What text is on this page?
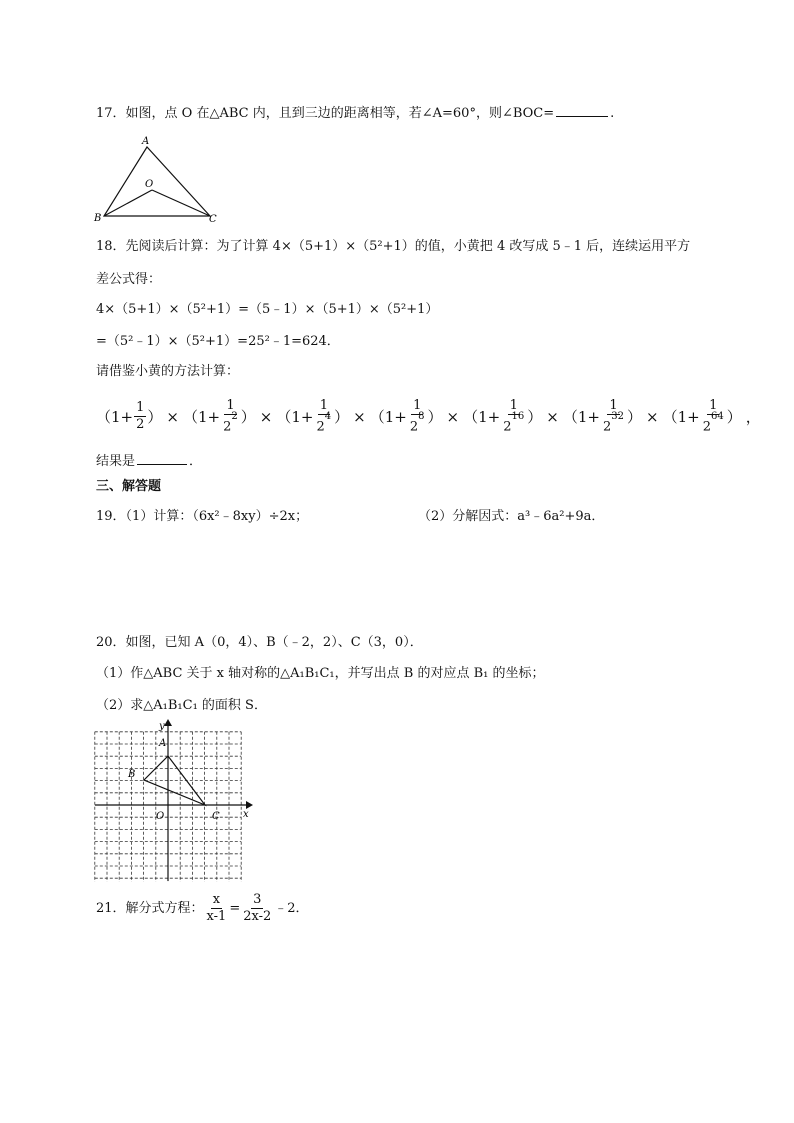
17．如图，点 O 在△ABC 内，且到三边的距离相等，若∠A=60°，则∠BOC=	.
A
B	C
O
18．先阅读后计算：为了计算 4×（5+1）×（5²+1）的值，小黄把 4 改写成 5﹣1 后，连续运用平方
差公式得：
4×（5+1）×（5²+1）=（5﹣1）×（5+1）×（5²+1）
=（5²﹣1）×（5²+1）=25²﹣1=624．
请借鉴小黄的方法计算：
（$1+ \frac{1}{2}$ ） × （$1+ \frac{1}{2^2}$ ） × （$1+ \frac{1}{2^4}$ ） × （$1+ \frac{1}{2^8}$ ） × （$1+ \frac{1}{2^{16}}$ ） × （$1+ \frac{1}{2^{32}}$ ） × （$1+ \frac{1}{2^{64}}$ ） ，
结果是	．
三、解答题
19．（1）计算：（6x²﹣8xy）÷2x；	（2）分解因式：a³﹣6a²+9a．
20．如图，已知 A（0，4）、B（﹣2，2）、C（3，0）．
（1）作△ABC 关于 x 轴对称的△A₁B₁C₁，并写出点 B 的对应点 B₁ 的坐标；
（2）求△A₁B₁C₁ 的面积 S．
A
B
C
O	x
y
21．解分式方程： $\frac{x}{x-1} = \frac{3}{2x-2}$ ﹣2．
